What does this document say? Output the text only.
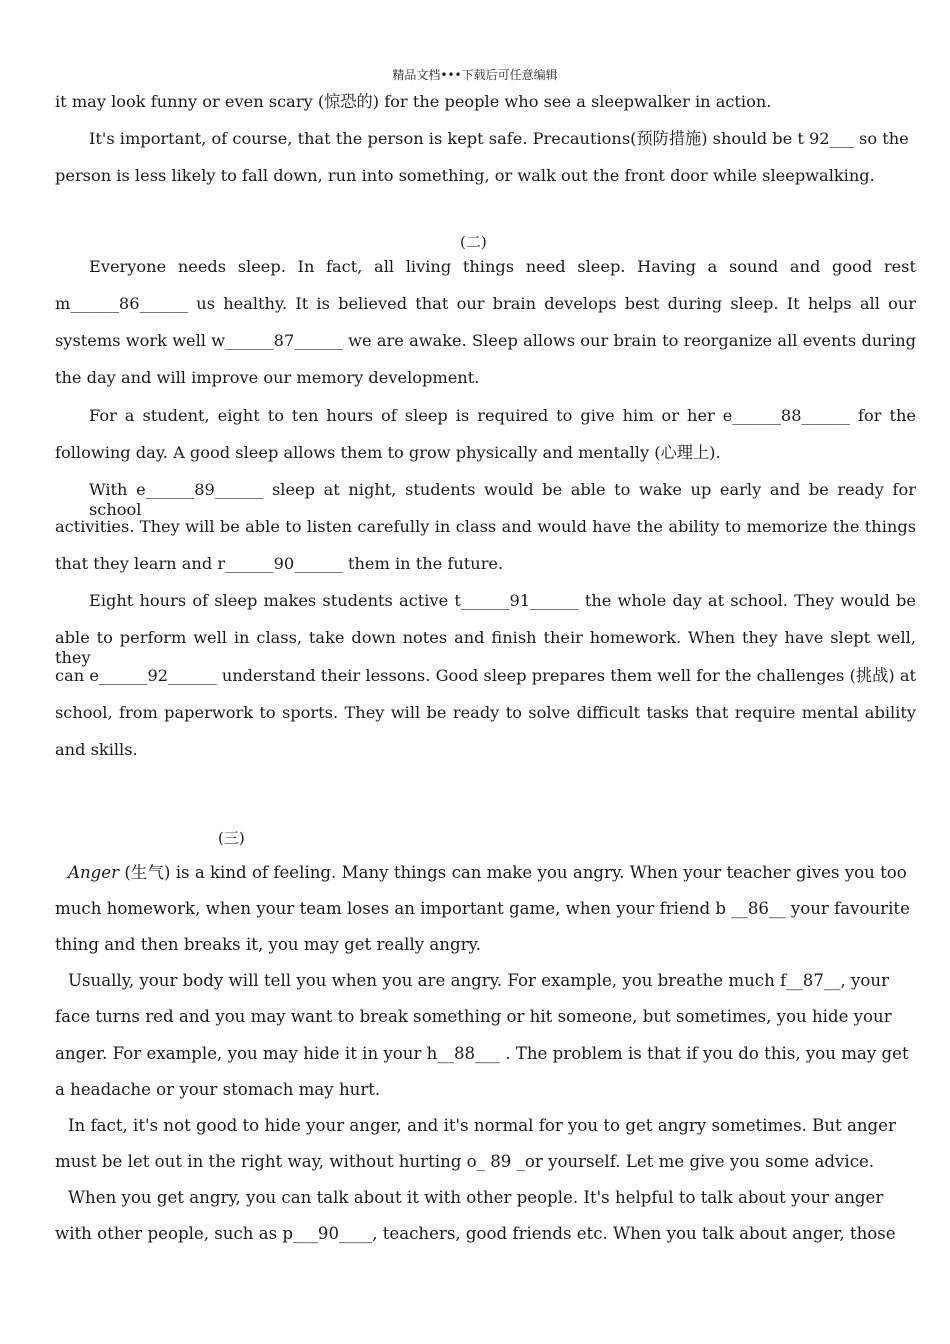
精品文档•••下载后可任意编辑
it may look funny or even scary (惊恐的) for the people who see a sleepwalker in action.
It's important, of course, that the person is kept safe. Precautions(预防措施) should be t 92___ so the
person is less likely to fall down, run into something, or walk out the front door while sleepwalking.
(二)
Everyone needs sleep. In fact, all living things need sleep. Having a sound and good rest
m______86______ us healthy. It is believed that our brain develops best during sleep. It helps all our
systems work well w______87______ we are awake. Sleep allows our brain to reorganize all events during
the day and will improve our memory development.
For a student, eight to ten hours of sleep is required to give him or her e______88______ for the
following day. A good sleep allows them to grow physically and mentally (心理上).
With e______89______ sleep at night, students would be able to wake up early and be ready for school
activities. They will be able to listen carefully in class and would have the ability to memorize the things
that they learn and r______90______ them in the future.
Eight hours of sleep makes students active t______91______ the whole day at school. They would be
able to perform well in class, take down notes and finish their homework. When they have slept well, they
can e______92______ understand their lessons. Good sleep prepares them well for the challenges (挑战) at
school, from paperwork to sports. They will be ready to solve difficult tasks that require mental ability
and skills.
(三)
Anger (生气) is a kind of feeling. Many things can make you angry. When your teacher gives you too
much homework, when your team loses an important game, when your friend b __86__ your favourite
thing and then breaks it, you may get really angry.
Usually, your body will tell you when you are angry. For example, you breathe much f__87__, your
face turns red and you may want to break something or hit someone, but sometimes, you hide your
anger. For example, you may hide it in your h__88___ . The problem is that if you do this, you may get
a headache or your stomach may hurt.
In fact, it's not good to hide your anger, and it's normal for you to get angry sometimes. But anger
must be let out in the right way, without hurting o_ 89 _or yourself. Let me give you some advice.
When you get angry, you can talk about it with other people. It's helpful to talk about your anger
with other people, such as p___90____, teachers, good friends etc. When you talk about anger, those
